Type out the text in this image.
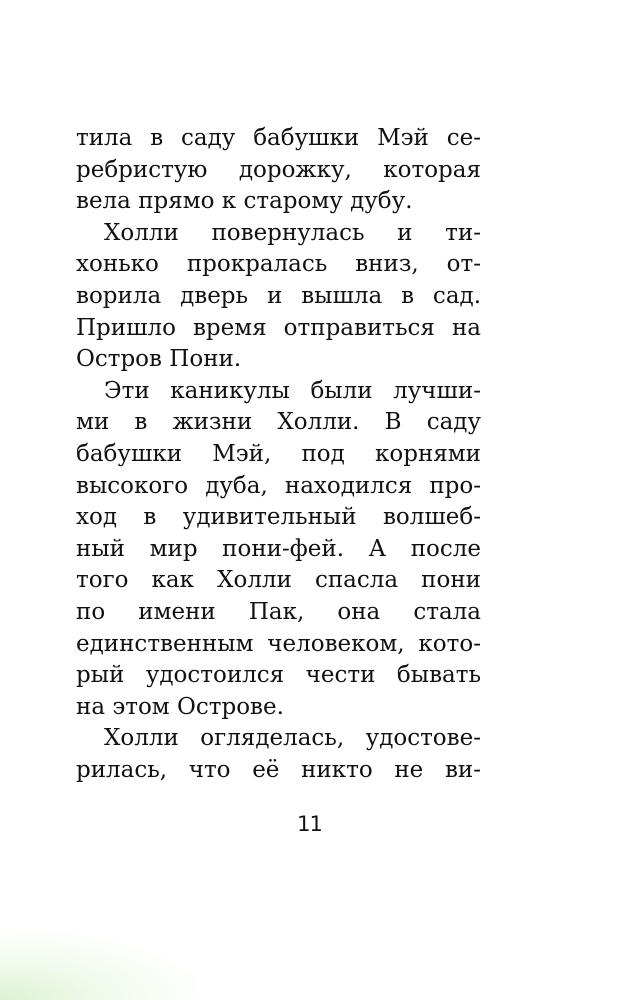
тила в саду бабушки Мэй се-
ребристую дорожку, которая
вела прямо к старому дубу.
Холли повернулась и ти-
хонько прокралась вниз, от-
ворила дверь и вышла в сад.
Пришло время отправиться на
Остров Пони.
Эти каникулы были лучши-
ми в жизни Холли. В саду
бабушки Мэй, под корнями
высокого дуба, находился про-
ход в удивительный волшеб-
ный мир пони-фей. А после
того как Холли спасла пони
по имени Пак, она стала
единственным человеком, кото-
рый удостоился чести бывать
на этом Острове.
Холли огляделась, удостове-
рилась, что её никто не ви-
11
